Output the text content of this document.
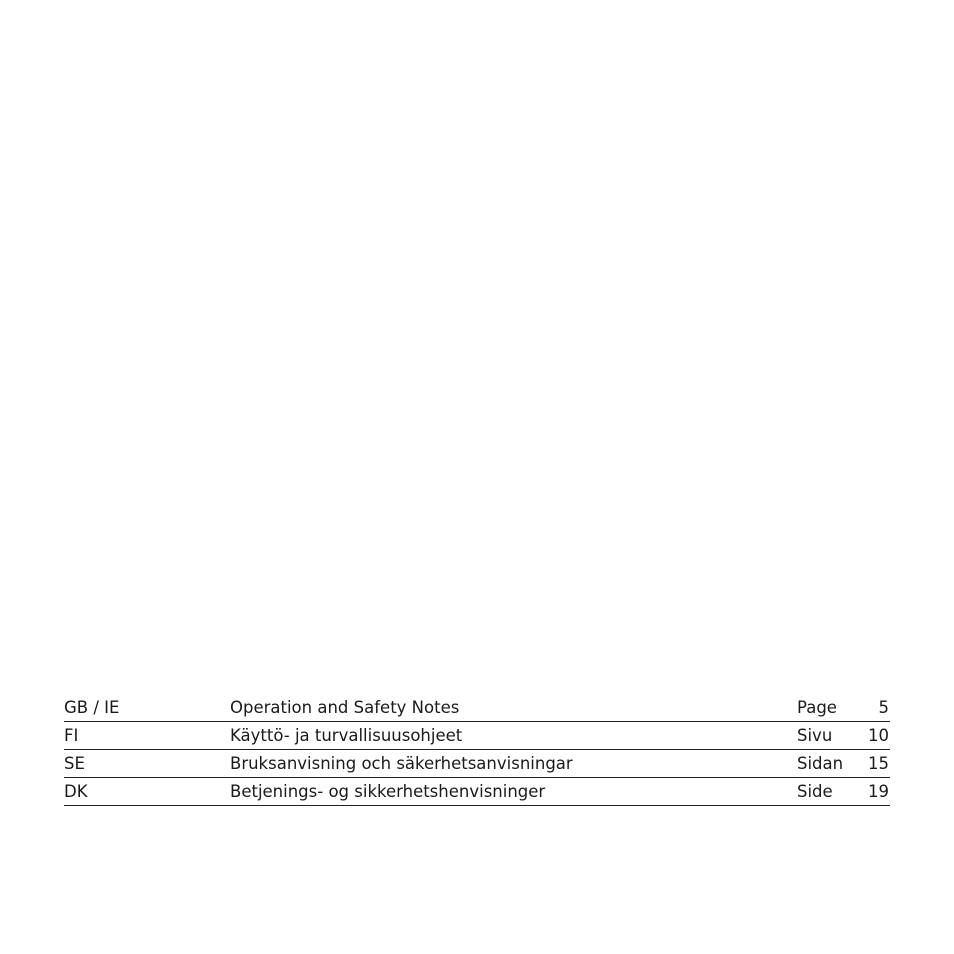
GB / IE	Operation and Safety Notes	Page	5
FI	Käyttö- ja turvallisuusohjeet	Sivu 10
SE	Bruksanvisning och säkerhetsanvisningar	Sidan 15
DK	Betjenings- og sikkerhetshenvisninger	Side 19
